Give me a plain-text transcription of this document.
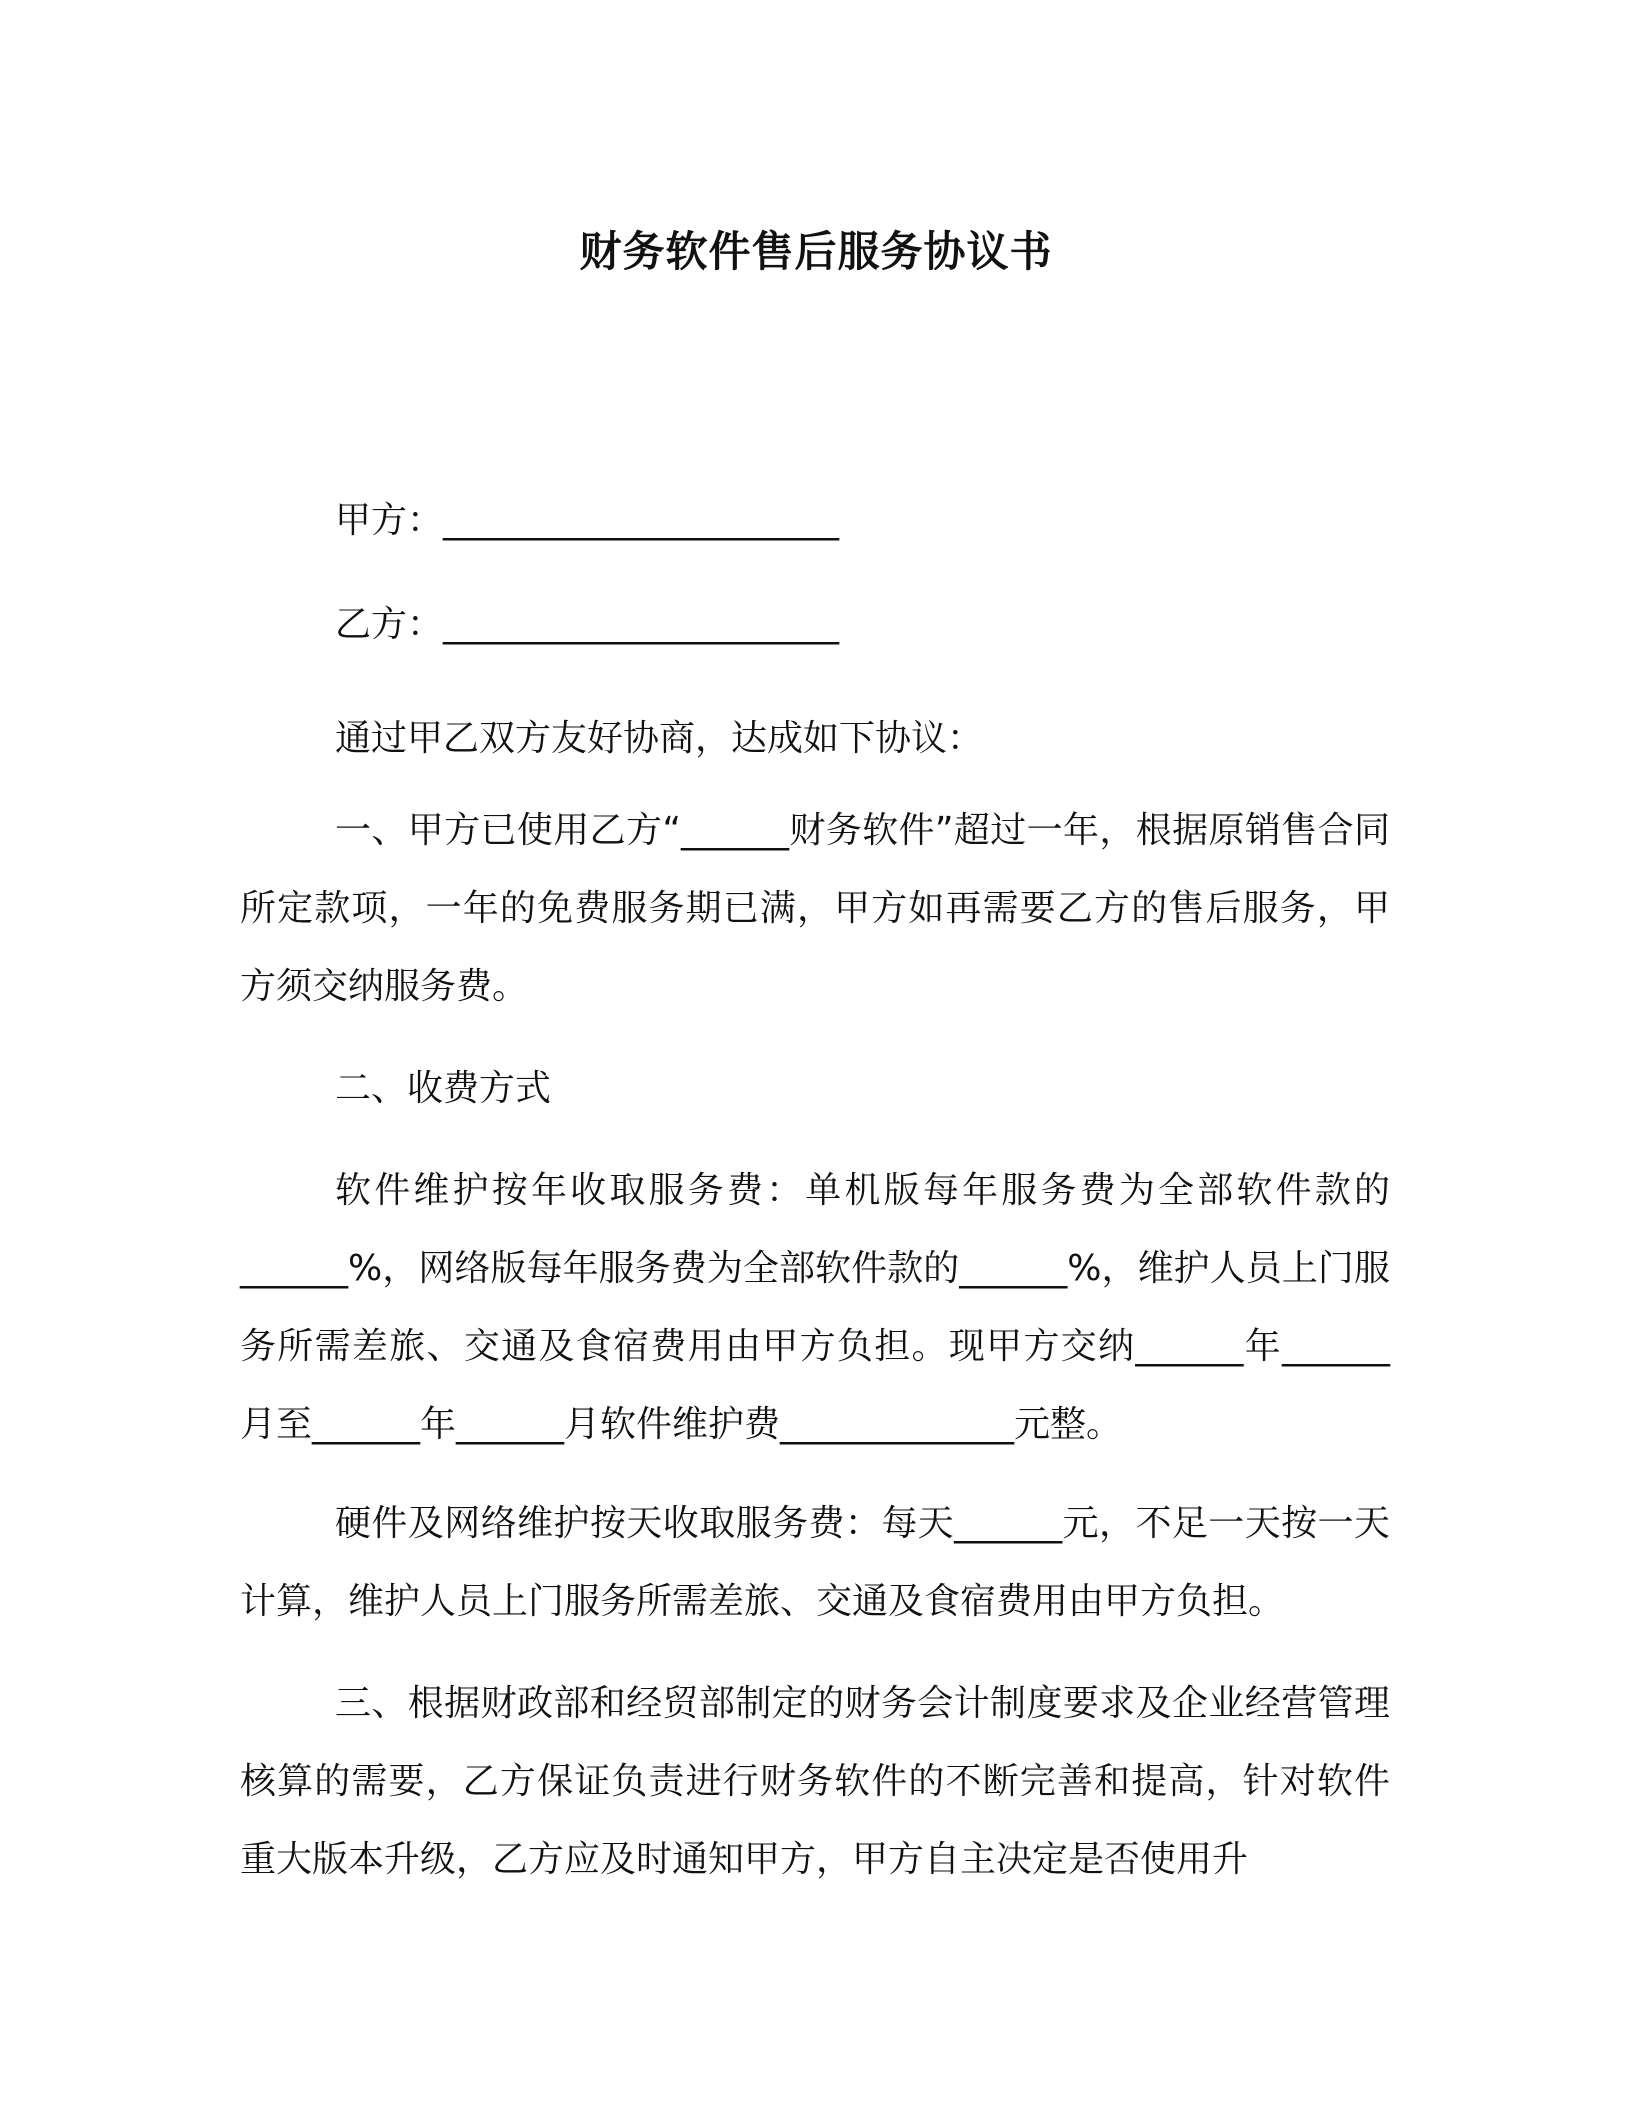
财务软件售后服务协议书
甲方：______________________
乙方：______________________

通过甲乙双方友好协商，达成如下协议：

一、甲方已使用乙方“______财务软件”超过一年，根据原销售合同所定款项，一年的免费服务期已满，甲方如再需要乙方的售后服务，甲方须交纳服务费。

二、收费方式

软件维护按年收取服务费：单机版每年服务费为全部软件款的______%，网络版每年服务费为全部软件款的______%，维护人员上门服务所需差旅、交通及食宿费用由甲方负担。现甲方交纳______年______月至______年______月软件维护费_____________元整。

硬件及网络维护按天收取服务费：每天______元，不足一天按一天计算，维护人员上门服务所需差旅、交通及食宿费用由甲方负担。

三、根据财政部和经贸部制定的财务会计制度要求及企业经营管理核算的需要，乙方保证负责进行财务软件的不断完善和提高，针对软件重大版本升级，乙方应及时通知甲方，甲方自主决定是否使用升
